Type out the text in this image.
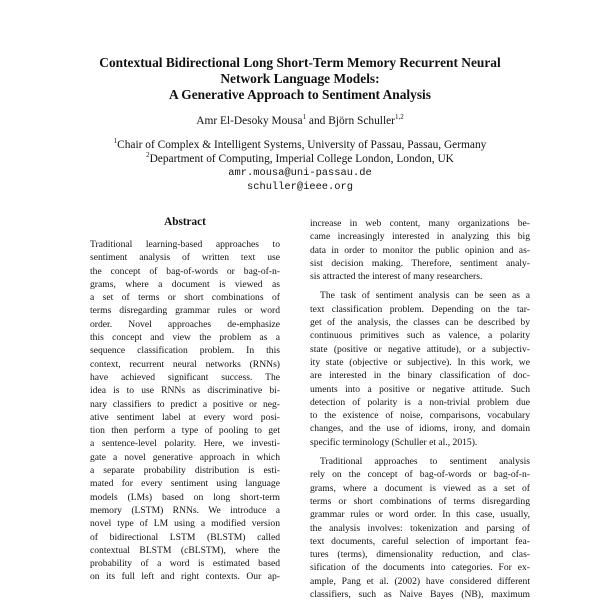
Contextual Bidirectional Long Short-Term Memory Recurrent Neural
Network Language Models:
A Generative Approach to Sentiment Analysis
Amr El-Desoky Mousa$^1$ and Björn Schuller$^{1,2}$
$^1$Chair of Complex & Intelligent Systems, University of Passau, Passau, Germany
$^2$Department of Computing, Imperial College London, London, UK
amr.mousa@uni-passau.de
schuller@ieee.org
Abstract
Traditional learning-based approaches to
sentiment analysis of written text use
the concept of bag-of-words or bag-of-n-
grams, where a document is viewed as
a set of terms or short combinations of
terms disregarding grammar rules or word
order. Novel approaches de-emphasize
this concept and view the problem as a
sequence classification problem. In this
context, recurrent neural networks (RNNs)
have achieved significant success. The
idea is to use RNNs as discriminative bi-
nary classifiers to predict a positive or neg-
ative sentiment label at every word posi-
tion then perform a type of pooling to get
a sentence-level polarity. Here, we investi-
gate a novel generative approach in which
a separate probability distribution is esti-
mated for every sentiment using language
models (LMs) based on long short-term
memory (LSTM) RNNs. We introduce a
novel type of LM using a modified version
of bidirectional LSTM (BLSTM) called
contextual BLSTM (cBLSTM), where the
probability of a word is estimated based
on its full left and right contexts. Our ap-
increase in web content, many organizations be-
came increasingly interested in analyzing this big
data in order to monitor the public opinion and as-
sist decision making. Therefore, sentiment analy-
sis attracted the interest of many researchers.
The task of sentiment analysis can be seen as a
text classification problem. Depending on the tar-
get of the analysis, the classes can be described by
continuous primitives such as valence, a polarity
state (positive or negative attitude), or a subjectiv-
ity state (objective or subjective). In this work, we
are interested in the binary classification of doc-
uments into a positive or negative attitude. Such
detection of polarity is a non-trivial problem due
to the existence of noise, comparisons, vocabulary
changes, and the use of idioms, irony, and domain
specific terminology (Schuller et al., 2015).
Traditional approaches to sentiment analysis
rely on the concept of bag-of-words or bag-of-n-
grams, where a document is viewed as a set of
terms or short combinations of terms disregarding
grammar rules or word order. In this case, usually,
the analysis involves: tokenization and parsing of
text documents, careful selection of important fea-
tures (terms), dimensionality reduction, and clas-
sification of the documents into categories. For ex-
ample, Pang et al. (2002) have considered different
classifiers, such as Naive Bayes (NB), maximum
